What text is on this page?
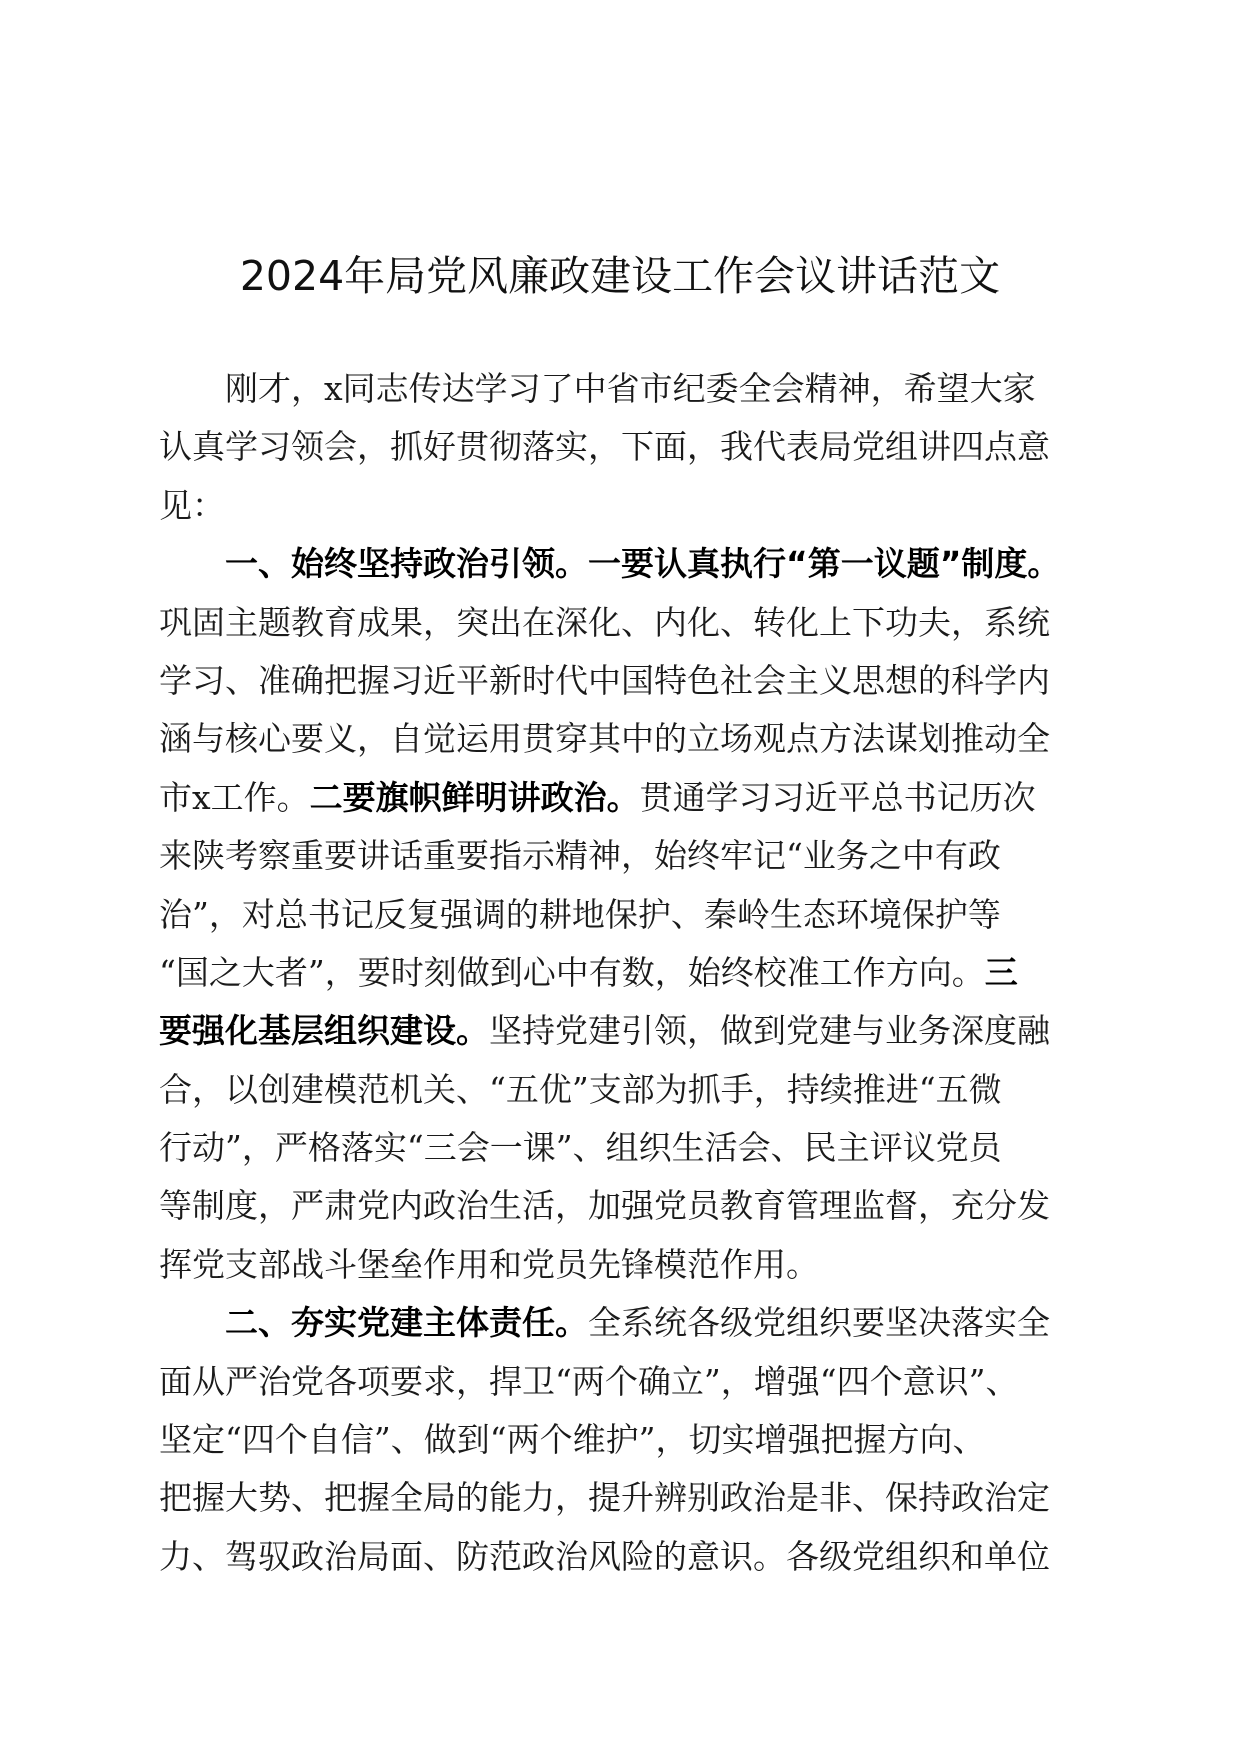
2024年局党风廉政建设工作会议讲话范文
刚才，x同志传达学习了中省市纪委全会精神，希望大家
认真学习领会，抓好贯彻落实，下面，我代表局党组讲四点意
见：
一、始终坚持政治引领。一要认真执行“第一议题”制度。
巩固主题教育成果，突出在深化、内化、转化上下功夫，系统
学习、准确把握习近平新时代中国特色社会主义思想的科学内
涵与核心要义，自觉运用贯穿其中的立场观点方法谋划推动全
市x工作。二要旗帜鲜明讲政治。贯通学习习近平总书记历次
来陕考察重要讲话重要指示精神，始终牢记“业务之中有政
治”，对总书记反复强调的耕地保护、秦岭生态环境保护等
“国之大者”，要时刻做到心中有数，始终校准工作方向。三
要强化基层组织建设。坚持党建引领，做到党建与业务深度融
合，以创建模范机关、“五优”支部为抓手，持续推进“五微
行动”，严格落实“三会一课”、组织生活会、民主评议党员
等制度，严肃党内政治生活，加强党员教育管理监督，充分发
挥党支部战斗堡垒作用和党员先锋模范作用。
二、夯实党建主体责任。全系统各级党组织要坚决落实全
面从严治党各项要求，捍卫“两个确立”，增强“四个意识”、
坚定“四个自信”、做到“两个维护”，切实增强把握方向、
把握大势、把握全局的能力，提升辨别政治是非、保持政治定
力、驾驭政治局面、防范政治风险的意识。各级党组织和单位
